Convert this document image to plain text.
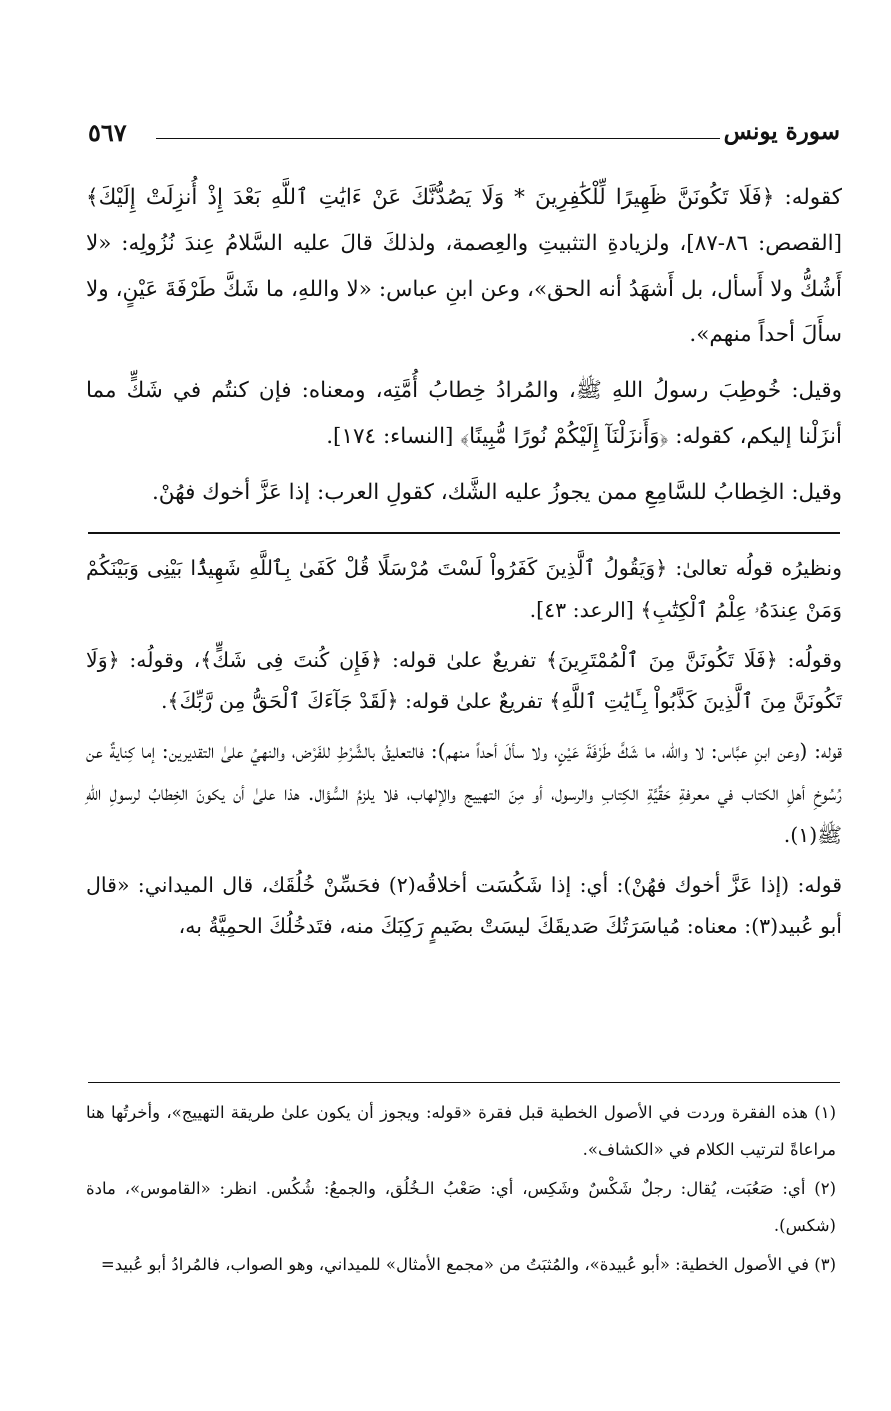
سورة يونس
٥٦٧

كقوله: ﴿فَلَا تَكُونَنَّ ظَهِيرًا لِّلْكَٰفِرِينَ * وَلَا يَصُدُّنَّكَ عَنْ ءَايَٰتِ ٱللَّهِ بَعْدَ إِذْ أُنزِلَتْ إِلَيْكَ﴾ [القصص: ٨٦-٨٧]، ولزيادةِ التثبيتِ والعِصمة، ولذلكَ قالَ عليه السَّلامُ عِندَ نُزُولِه: «لا أَشُكُّ ولا أَسأل، بل أَشهَدُ أنه الحق»، وعن ابنِ عباس: «لا واللهِ، ما شَكَّ طَرْفَةَ عَيْنٍ، ولا سأَلَ أحداً منهم».

وقيل: خُوطِبَ رسولُ اللهِ ﷺ، والمُرادُ خِطابُ أُمَّتِه، ومعناه: فإن كنتُم في شَكٍّ مما أنزَلْنا إليكم، كقوله: ﴿وَأَنزَلْنَآ إِلَيْكُمْ نُورًا مُّبِينًا﴾ [النساء: ١٧٤].

وقيل: الخِطابُ للسَّامِعِ ممن يجوزُ عليه الشَّك، كقولِ العرب: إذا عَزَّ أخوك فهُنْ.

ونظيرُه قولُه تعالىٰ: ﴿وَيَقُولُ ٱلَّذِينَ كَفَرُواْ لَسْتَ مُرْسَلًا قُلْ كَفَىٰ بِٱللَّهِ شَهِيدًۢا بَيْنِى وَبَيْنَكُمْ وَمَنْ عِندَهُۥ عِلْمُ ٱلْكِتَٰبِ﴾ [الرعد: ٤٣].

وقولُه: ﴿فَلَا تَكُونَنَّ مِنَ ٱلْمُمْتَرِينَ﴾ تفريعٌ علىٰ قوله: ﴿فَإِن كُنتَ فِى شَكٍّ﴾، وقولُه: ﴿وَلَا تَكُونَنَّ مِنَ ٱلَّذِينَ كَذَّبُواْ بِـَٔايَٰتِ ٱللَّهِ﴾ تفريعٌ علىٰ قوله: ﴿لَقَدْ جَآءَكَ ٱلْحَقُّ مِن رَّبِّكَ﴾.

قوله: (وعن ابنِ عبَّاس: لا والله، ما شَكَّ طَرْفَةَ عَيْنٍ، ولا سألَ أحداً منهم): فالتعليقُ بالشَّرْطِ للفَرْض، والنهيُ علىٰ التقديرين: إما كِنايةٌ عن رُسُوخِ أهلِ الكتاب في معرفةِ حَقِّيَّةِ الكِتابِ والرسول، أو مِنَ التهييج والإلهاب، فلا يلزمُ السُّؤال. هذا علىٰ أن يكونَ الخِطابُ لرسولِ اللهِ ﷺ(١).

قوله: (إذا عَزَّ أخوك فهُنْ): أي: إذا شَكُسَت أخلاقُه(٢) فحَسِّنْ خُلُقَك، قال الميداني: «قال أبو عُبيد(٣): معناه: مُياسَرَتُكَ صَديقَكَ ليسَتْ بضَيمٍ رَكِبَكَ منه، فتَدخُلُكَ الحمِيَّةُ به،

(١) هذه الفقرة وردت في الأصول الخطية قبل فقرة «قوله: ويجوز أن يكون علىٰ طريقة التهييج»، وأخرتُها هنا مراعاةً لترتيب الكلام في «الكشاف».

(٢) أي: صَعُبَت، يُقال: رجلٌ شَكْسٌ وشَكِس، أي: صَعْبُ الـخُلُق، والجمعُ: شُكُس. انظر: «القاموس»، مادة (شكس).

(٣) في الأصول الخطية: «أبو عُبيدة»، والمُثبَتُ من «مجمع الأمثال» للميداني، وهو الصواب، فالمُرادُ أبو عُبيد=
